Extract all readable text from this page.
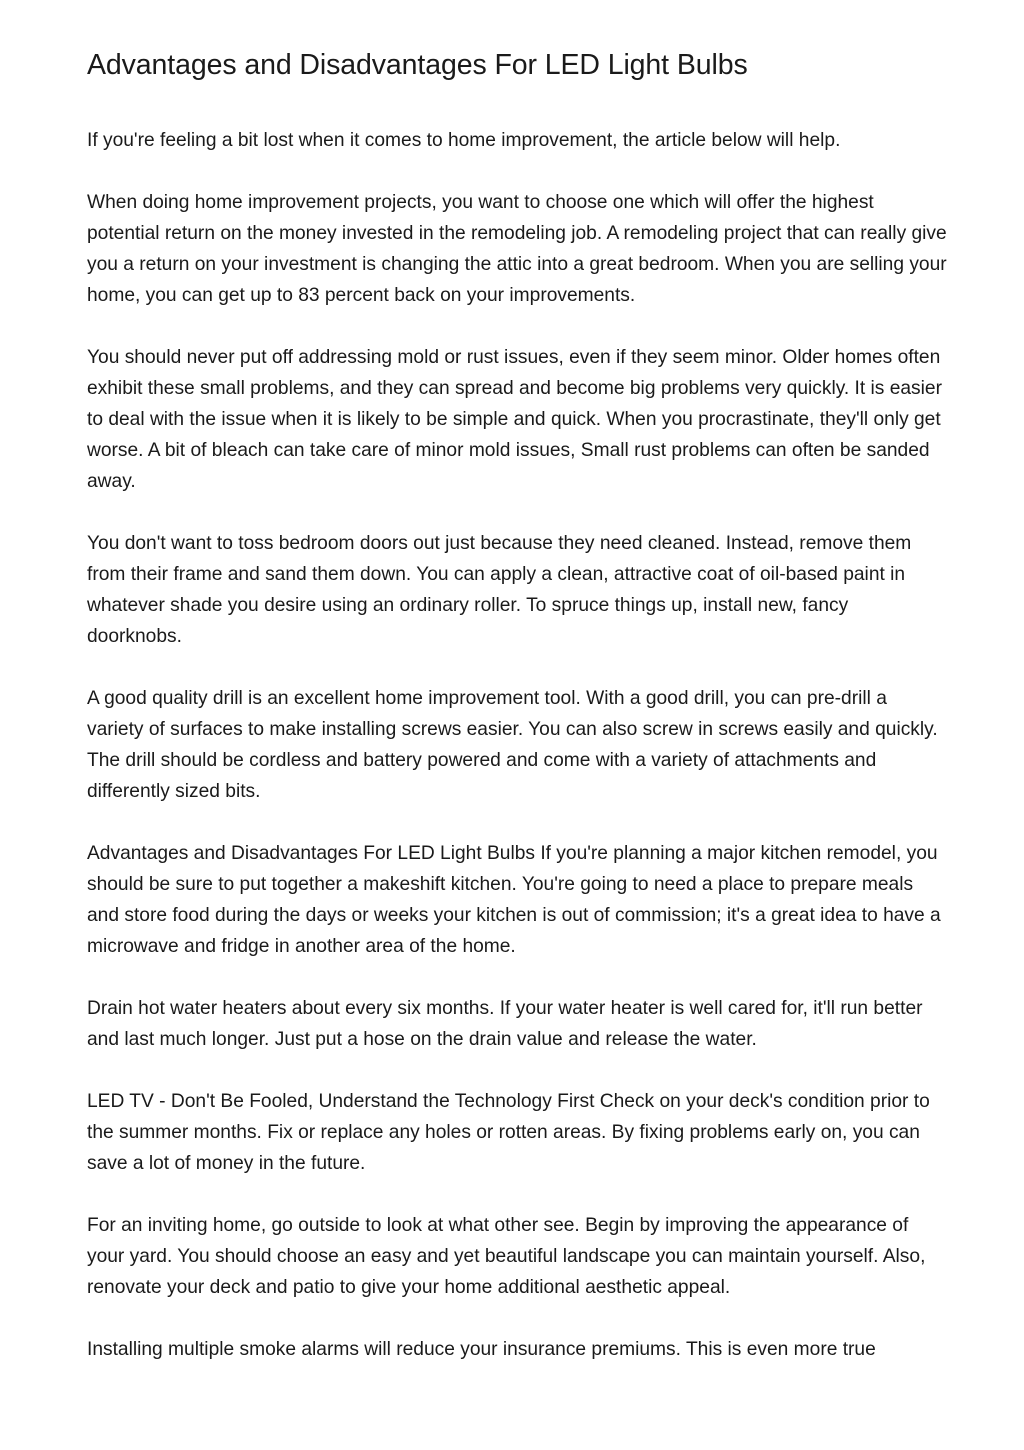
Advantages and Disadvantages For LED Light Bulbs

If you're feeling a bit lost when it comes to home improvement, the article below will help.

When doing home improvement projects, you want to choose one which will offer the highest potential return on the money invested in the remodeling job. A remodeling project that can really give you a return on your investment is changing the attic into a great bedroom. When you are selling your home, you can get up to 83 percent back on your improvements.

You should never put off addressing mold or rust issues, even if they seem minor. Older homes often exhibit these small problems, and they can spread and become big problems very quickly. It is easier to deal with the issue when it is likely to be simple and quick. When you procrastinate, they'll only get worse. A bit of bleach can take care of minor mold issues, Small rust problems can often be sanded away.

You don't want to toss bedroom doors out just because they need cleaned. Instead, remove them from their frame and sand them down. You can apply a clean, attractive coat of oil-based paint in whatever shade you desire using an ordinary roller. To spruce things up, install new, fancy doorknobs.

A good quality drill is an excellent home improvement tool. With a good drill, you can pre-drill a variety of surfaces to make installing screws easier. You can also screw in screws easily and quickly. The drill should be cordless and battery powered and come with a variety of attachments and differently sized bits.

Advantages and Disadvantages For LED Light Bulbs If you're planning a major kitchen remodel, you should be sure to put together a makeshift kitchen. You're going to need a place to prepare meals and store food during the days or weeks your kitchen is out of commission; it's a great idea to have a microwave and fridge in another area of the home.

Drain hot water heaters about every six months. If your water heater is well cared for, it'll run better and last much longer. Just put a hose on the drain value and release the water.

LED TV - Don't Be Fooled, Understand the Technology First Check on your deck's condition prior to the summer months. Fix or replace any holes or rotten areas. By fixing problems early on, you can save a lot of money in the future.

For an inviting home, go outside to look at what other see. Begin by improving the appearance of your yard. You should choose an easy and yet beautiful landscape you can maintain yourself. Also, renovate your deck and patio to give your home additional aesthetic appeal.

Installing multiple smoke alarms will reduce your insurance premiums. This is even more true
